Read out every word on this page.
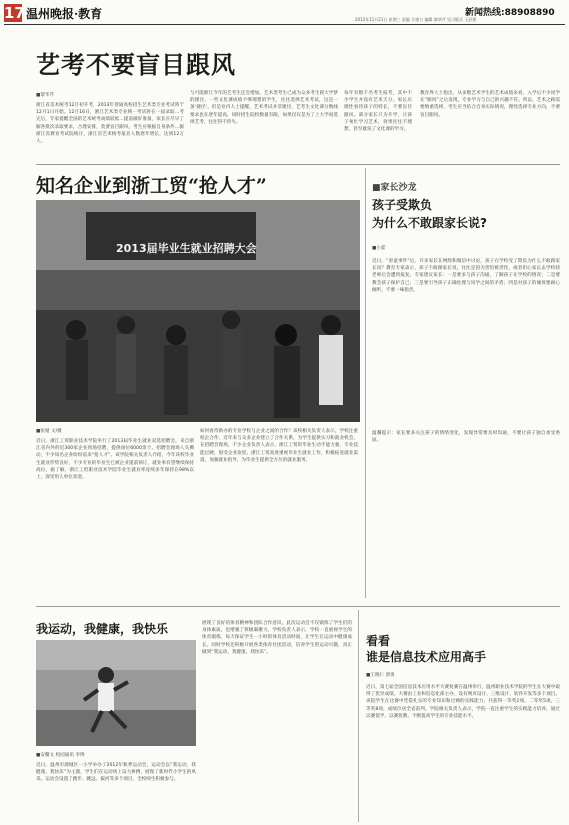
17 温州晚报·教育	2012年11月21日 星期三 责编 方建力 编辑 黎华芹 见习版式 王舒建
新闻热线:88908890
艺考不要盲目跟风
■黎华芹
浙江省美术统考12月初开考，2013年普通高校招生艺术类专业考试将于12月1日开始。12月16日，浙江艺术类专业统一考试将在一届录取…考完后，专家提醒全国的艺术统考成绩较低…提前做好准备，家长应尽早了解各批次录取要求，合理安排，莫要盲目跟风，考生应根据自身条件…据浙江省教育考试院统计，浙江省艺术统考报名人数逐年增长，达到12万人。
与可能浙江今年的艺考生还会增加。艺术类考生已成为众多考生圆大学梦的捷径，一些文化课成绩不够理想的学生，往往选择艺术考试，这是一条‘捷径’。但是业内人士提醒，艺术考试并非捷径，艺考生文化课分数线要求也在逐年提高，同时招生院校数量有限，如果仅仅是为了上大学而选择艺考，往往得不偿失。
每年有数千名考生报考，其中不少学生并没有艺术天分。家长应理性看待孩子的特长，不要盲目跟风。部分家长只为升学，让孩子匆忙学习艺术，效果往往不理想，甚至耽误了文化课的学习。
教育界人士指出，从多数艺术学生的艺术成绩来看，入学后不少同学在“跟风”之后发现，专业学习与自己的兴趣不符。所以，艺术之路需要慎重选择，考生应当结合自身实际情况，理性选择专业方向，不要盲目跟风。
知名企业到浙工贸“抢人才”
2013届毕业生就业招聘大会
■张娅 文/摄
近日，浙江工贸职业技术学院举行了2013届毕业生就业双选招聘会，来自浙江省内外的近300家企业到场招聘，提供岗位6000余个。招聘会现场人头攒动，不少知名企业纷纷前来“抢人才”。该学院相关负责人介绍，今年该校毕业生就业形势良好，不少专业的毕业生已被企业提前预订，就业率有望继续保持高位。据了解，浙江工贸职业技术学院毕业生就业率连续多年保持在98%以上，深受用人单位欢迎。
如何看待新办的专业学校与企业之间的合作？该校相关负责人表示，学校注重校企合作，近年来与众多企业建立了合作关系，为学生提供实习和就业机会。在招聘会现场，不少企业负责人表示，浙江工贸的毕业生动手能力强，专业技能过硬，很受企业欢迎。浙江工贸高度重视毕业生就业工作，积极拓宽就业渠道，加强就业指导，为毕业生提供全方位的就业服务。
■家长沙龙
孩子受欺负
为什么不敢跟家长说?
■小霍
近日，“虐童事件”后，许多家长在网络和微信中讨论，孩子在学校受了欺负为什么不敢跟家长说？教育专家表示，孩子不敢跟家长说，往往是因为害怕被责怪，或者担心家长去学校找老师后会遭到报复。专家建议家长：一是要多与孩子沟通，了解孩子在学校的情况；二是要教会孩子保护自己；三是要引导孩子正确处理与同学之间的矛盾；四是对孩子的倾诉要耐心倾听，不要一味指责。
温馨提示：家长要多关注孩子的情绪变化，发现异常要及时沟通，不要让孩子独自承受委屈。
我运动，我健康，我快乐
■安馨文 校园通讯 李博
近日，温州市鹿城区一小学举办了2012年秋季运动会，运动会以“我运动，我健康，我快乐”为主题，学生们在运动场上奋力拼搏，展现了新时代小学生的风采。运动会设置了跑步、跳远、拔河等多个项目，全校师生积极参与。
展现了良好的体育精神和团队合作意识。此次运动会不仅锻炼了学生们的身体素质，也增强了班级凝聚力。学校负责人表示，学校一直重视学生的体育锻炼，每天保证学生一小时的体育活动时间，让学生在运动中健康成长。同时学校还积极开展各类体育社团活动，培养学生的运动兴趣，真正做到“我运动，我健康，我快乐”。
看看
谁是信息技术应用高手
■王晓仁 郭勇
近日，第七届全国信息技术应用水平大赛复赛在温州举行，温州职业技术学院的学生在大赛中取得了优异成绩。大赛由工业和信息化部主办，设有网页设计、三维设计、软件开发等多个项目。该院学生在比赛中凭借扎实的专业知识和过硬的实践能力，共获得一等奖2项、二等奖5项、三等奖8项，成绩位居全省前列。学院相关负责人表示，学院一直注重学生的实践能力培养，通过以赛促学、以赛促教，不断提高学生的专业技能水平。
